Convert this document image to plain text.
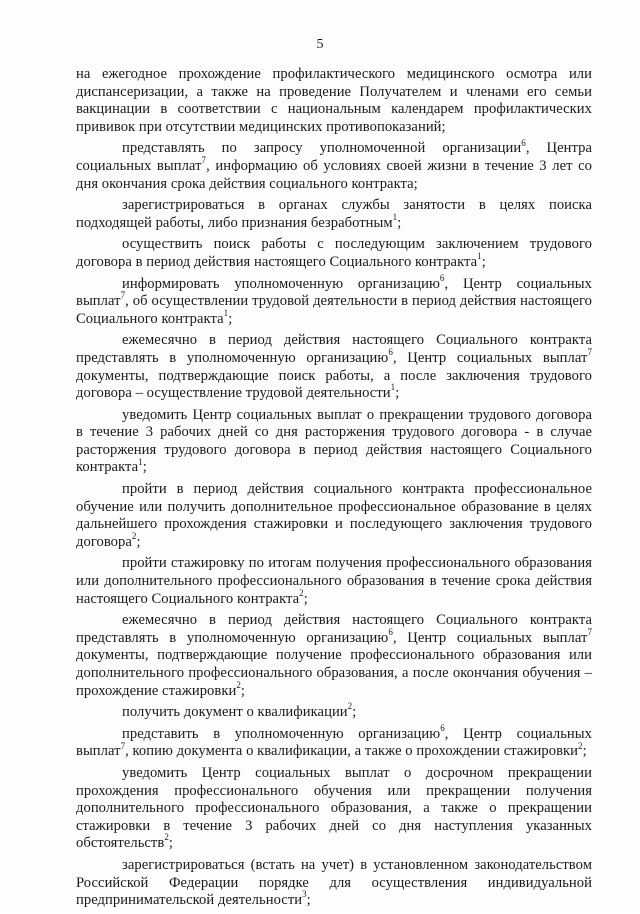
5

на ежегодное прохождение профилактического медицинского осмотра или диспансеризации, а также на проведение Получателем и членами его семьи вакцинации в соответствии с национальным календарем профилактических прививок при отсутствии медицинских противопоказаний;

представлять по запросу уполномоченной организации$^6$, Центра социальных выплат$^7$, информацию об условиях своей жизни в течение 3 лет со дня окончания срока действия социального контракта;

зарегистрироваться в органах службы занятости в целях поиска подходящей работы, либо признания безработным$^1$;

осуществить поиск работы с последующим заключением трудового договора в период действия настоящего Социального контракта$^1$;

информировать уполномоченную организацию$^6$, Центр социальных выплат$^7$, об осуществлении трудовой деятельности в период действия настоящего Социального контракта$^1$;

ежемесячно в период действия настоящего Социального контракта представлять в уполномоченную организацию$^6$, Центр социальных выплат$^7$ документы, подтверждающие поиск работы, а после заключения трудового договора – осуществление трудовой деятельности$^1$;

уведомить Центр социальных выплат о прекращении трудового договора в течение 3 рабочих дней со дня расторжения трудового договора - в случае расторжения трудового договора в период действия настоящего Социального контракта$^1$;

пройти в период действия социального контракта профессиональное обучение или получить дополнительное профессиональное образование в целях дальнейшего прохождения стажировки и последующего заключения трудового договора$^2$;

пройти стажировку по итогам получения профессионального образования или дополнительного профессионального образования в течение срока действия настоящего Социального контракта$^2$;

ежемесячно в период действия настоящего Социального контракта представлять в уполномоченную организацию$^6$, Центр социальных выплат$^7$ документы, подтверждающие получение профессионального образования или дополнительного профессионального образования, а после окончания обучения – прохождение стажировки$^2$;

получить документ о квалификации$^2$;

представить в уполномоченную организацию$^6$, Центр социальных выплат$^7$, копию документа о квалификации, а также о прохождении стажировки$^2$;

уведомить Центр социальных выплат о досрочном прекращении прохождения профессионального обучения или прекращении получения дополнительного профессионального образования, а также о прекращении стажировки в течение 3 рабочих дней со дня наступления указанных обстоятельств$^2$;

зарегистрироваться (встать на учет) в установленном законодательством Российской Федерации порядке для осуществления индивидуальной предпринимательской деятельности$^3$;
